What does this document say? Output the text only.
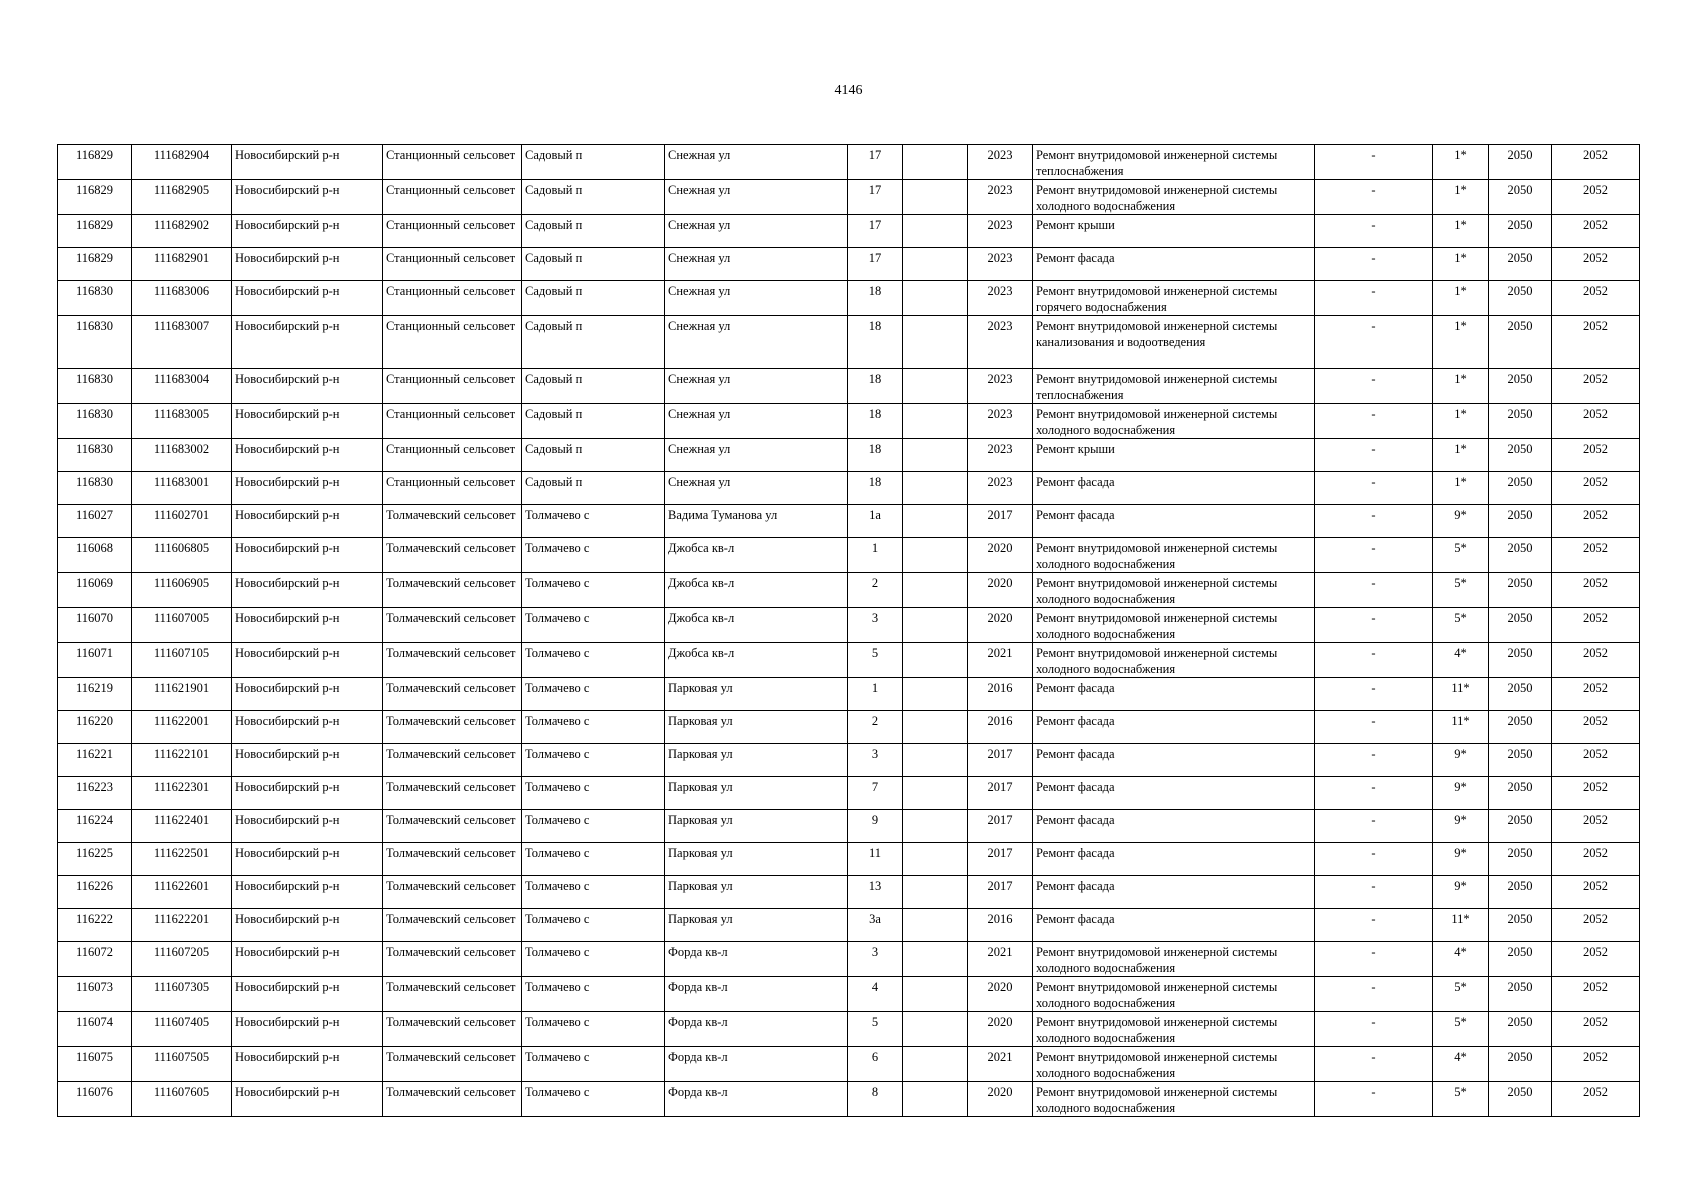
4146
116829	111682904	Новосибирский р-н	Станционный сельсовет	Садовый п	Снежная ул	17		2023	Ремонт внутридомовой инженерной системы теплоснабжения	-	1*	2050	2052
116829	111682905	Новосибирский р-н	Станционный сельсовет	Садовый п	Снежная ул	17		2023	Ремонт внутридомовой инженерной системы холодного водоснабжения	-	1*	2050	2052
116829	111682902	Новосибирский р-н	Станционный сельсовет	Садовый п	Снежная ул	17		2023	Ремонт крыши	-	1*	2050	2052
116829	111682901	Новосибирский р-н	Станционный сельсовет	Садовый п	Снежная ул	17		2023	Ремонт фасада	-	1*	2050	2052
116830	111683006	Новосибирский р-н	Станционный сельсовет	Садовый п	Снежная ул	18		2023	Ремонт внутридомовой инженерной системы горячего водоснабжения	-	1*	2050	2052
116830	111683007	Новосибирский р-н	Станционный сельсовет	Садовый п	Снежная ул	18		2023	Ремонт внутридомовой инженерной системы канализования и водоотведения	-	1*	2050	2052
116830	111683004	Новосибирский р-н	Станционный сельсовет	Садовый п	Снежная ул	18		2023	Ремонт внутридомовой инженерной системы теплоснабжения	-	1*	2050	2052
116830	111683005	Новосибирский р-н	Станционный сельсовет	Садовый п	Снежная ул	18		2023	Ремонт внутридомовой инженерной системы холодного водоснабжения	-	1*	2050	2052
116830	111683002	Новосибирский р-н	Станционный сельсовет	Садовый п	Снежная ул	18		2023	Ремонт крыши	-	1*	2050	2052
116830	111683001	Новосибирский р-н	Станционный сельсовет	Садовый п	Снежная ул	18		2023	Ремонт фасада	-	1*	2050	2052
116027	111602701	Новосибирский р-н	Толмачевский сельсовет	Толмачево с	Вадима Туманова ул	1а		2017	Ремонт фасада	-	9*	2050	2052
116068	111606805	Новосибирский р-н	Толмачевский сельсовет	Толмачево с	Джобса кв-л	1		2020	Ремонт внутридомовой инженерной системы холодного водоснабжения	-	5*	2050	2052
116069	111606905	Новосибирский р-н	Толмачевский сельсовет	Толмачево с	Джобса кв-л	2		2020	Ремонт внутридомовой инженерной системы холодного водоснабжения	-	5*	2050	2052
116070	111607005	Новосибирский р-н	Толмачевский сельсовет	Толмачево с	Джобса кв-л	3		2020	Ремонт внутридомовой инженерной системы холодного водоснабжения	-	5*	2050	2052
116071	111607105	Новосибирский р-н	Толмачевский сельсовет	Толмачево с	Джобса кв-л	5		2021	Ремонт внутридомовой инженерной системы холодного водоснабжения	-	4*	2050	2052
116219	111621901	Новосибирский р-н	Толмачевский сельсовет	Толмачево с	Парковая ул	1		2016	Ремонт фасада	-	11*	2050	2052
116220	111622001	Новосибирский р-н	Толмачевский сельсовет	Толмачево с	Парковая ул	2		2016	Ремонт фасада	-	11*	2050	2052
116221	111622101	Новосибирский р-н	Толмачевский сельсовет	Толмачево с	Парковая ул	3		2017	Ремонт фасада	-	9*	2050	2052
116223	111622301	Новосибирский р-н	Толмачевский сельсовет	Толмачево с	Парковая ул	7		2017	Ремонт фасада	-	9*	2050	2052
116224	111622401	Новосибирский р-н	Толмачевский сельсовет	Толмачево с	Парковая ул	9		2017	Ремонт фасада	-	9*	2050	2052
116225	111622501	Новосибирский р-н	Толмачевский сельсовет	Толмачево с	Парковая ул	11		2017	Ремонт фасада	-	9*	2050	2052
116226	111622601	Новосибирский р-н	Толмачевский сельсовет	Толмачево с	Парковая ул	13		2017	Ремонт фасада	-	9*	2050	2052
116222	111622201	Новосибирский р-н	Толмачевский сельсовет	Толмачево с	Парковая ул	3а		2016	Ремонт фасада	-	11*	2050	2052
116072	111607205	Новосибирский р-н	Толмачевский сельсовет	Толмачево с	Форда кв-л	3		2021	Ремонт внутридомовой инженерной системы холодного водоснабжения	-	4*	2050	2052
116073	111607305	Новосибирский р-н	Толмачевский сельсовет	Толмачево с	Форда кв-л	4		2020	Ремонт внутридомовой инженерной системы холодного водоснабжения	-	5*	2050	2052
116074	111607405	Новосибирский р-н	Толмачевский сельсовет	Толмачево с	Форда кв-л	5		2020	Ремонт внутридомовой инженерной системы холодного водоснабжения	-	5*	2050	2052
116075	111607505	Новосибирский р-н	Толмачевский сельсовет	Толмачево с	Форда кв-л	6		2021	Ремонт внутридомовой инженерной системы холодного водоснабжения	-	4*	2050	2052
116076	111607605	Новосибирский р-н	Толмачевский сельсовет	Толмачево с	Форда кв-л	8		2020	Ремонт внутридомовой инженерной системы холодного водоснабжения	-	5*	2050	2052
